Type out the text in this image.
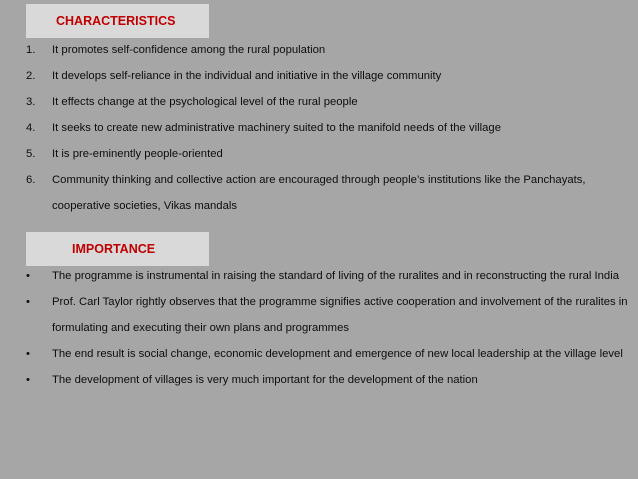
CHARACTERISTICS
1.	It promotes self-confidence among the rural population
2.	It develops self-reliance in the individual and initiative in the village community
3.	It effects change at the psychological level of the rural people
4.	It seeks to create new administrative machinery suited to the manifold needs of the village
5.	It is pre-eminently people-oriented
6.	Community thinking and collective action are encouraged through people’s institutions like the Panchayats, cooperative societies, Vikas mandals
IMPORTANCE
•	The programme is instrumental in raising the standard of living of the ruralites and in reconstructing the rural India
•	Prof. Carl Taylor rightly observes that the programme signifies active cooperation and involvement of the ruralites in formulating and executing their own plans and programmes
•	The end result is social change, economic development and emergence of new local leadership at the village level
•	The development of villages is very much important for the development of the nation
